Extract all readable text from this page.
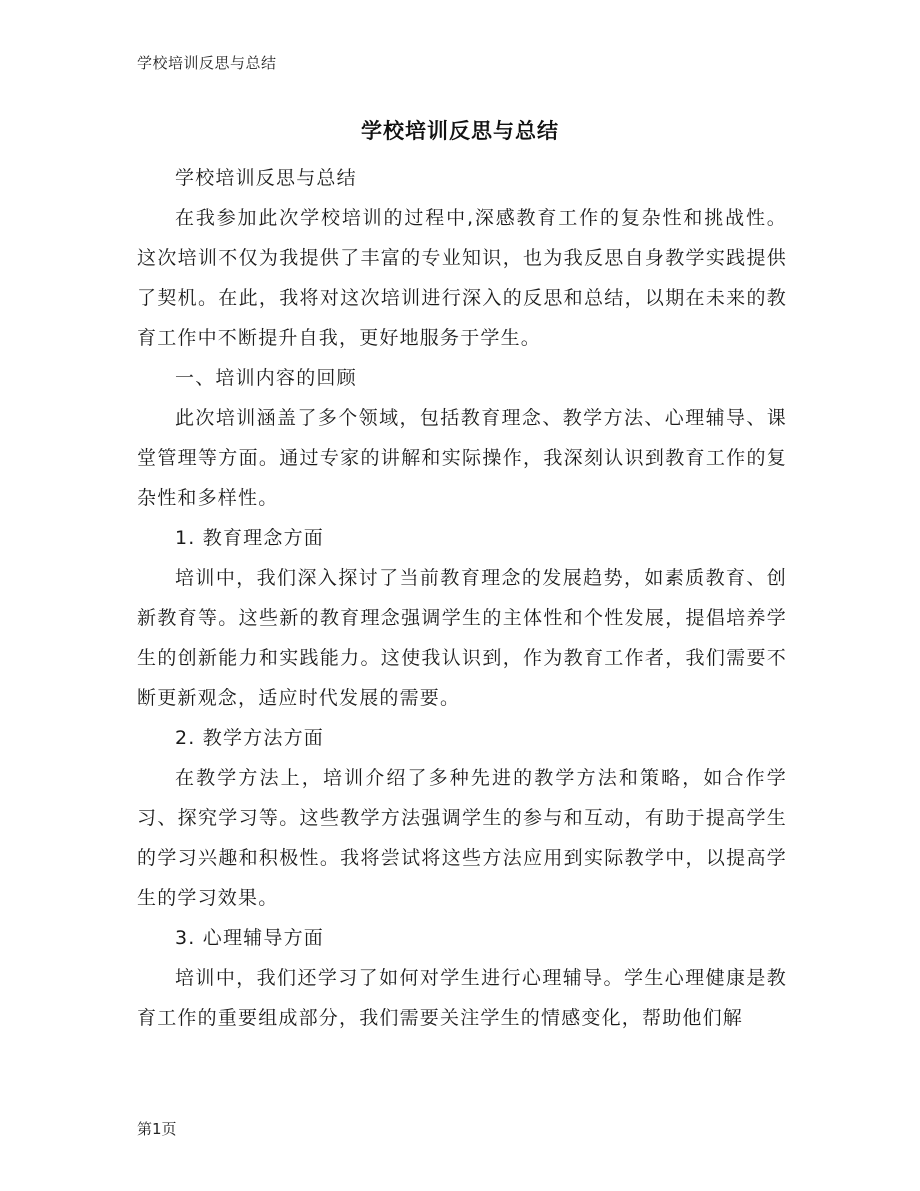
学校培训反思与总结
学校培训反思与总结

学校培训反思与总结

在我参加此次学校培训的过程中,深感教育工作的复杂性和挑战性。这次培训不仅为我提供了丰富的专业知识，也为我反思自身教学实践提供了契机。在此，我将对这次培训进行深入的反思和总结，以期在未来的教育工作中不断提升自我，更好地服务于学生。

一、培训内容的回顾

此次培训涵盖了多个领域，包括教育理念、教学方法、心理辅导、课堂管理等方面。通过专家的讲解和实际操作，我深刻认识到教育工作的复杂性和多样性。

1. 教育理念方面

培训中，我们深入探讨了当前教育理念的发展趋势，如素质教育、创新教育等。这些新的教育理念强调学生的主体性和个性发展，提倡培养学生的创新能力和实践能力。这使我认识到，作为教育工作者，我们需要不断更新观念，适应时代发展的需要。

2. 教学方法方面

在教学方法上，培训介绍了多种先进的教学方法和策略，如合作学习、探究学习等。这些教学方法强调学生的参与和互动，有助于提高学生的学习兴趣和积极性。我将尝试将这些方法应用到实际教学中，以提高学生的学习效果。

3. 心理辅导方面

培训中，我们还学习了如何对学生进行心理辅导。学生心理健康是教育工作的重要组成部分，我们需要关注学生的情感变化，帮助他们解

第1页
